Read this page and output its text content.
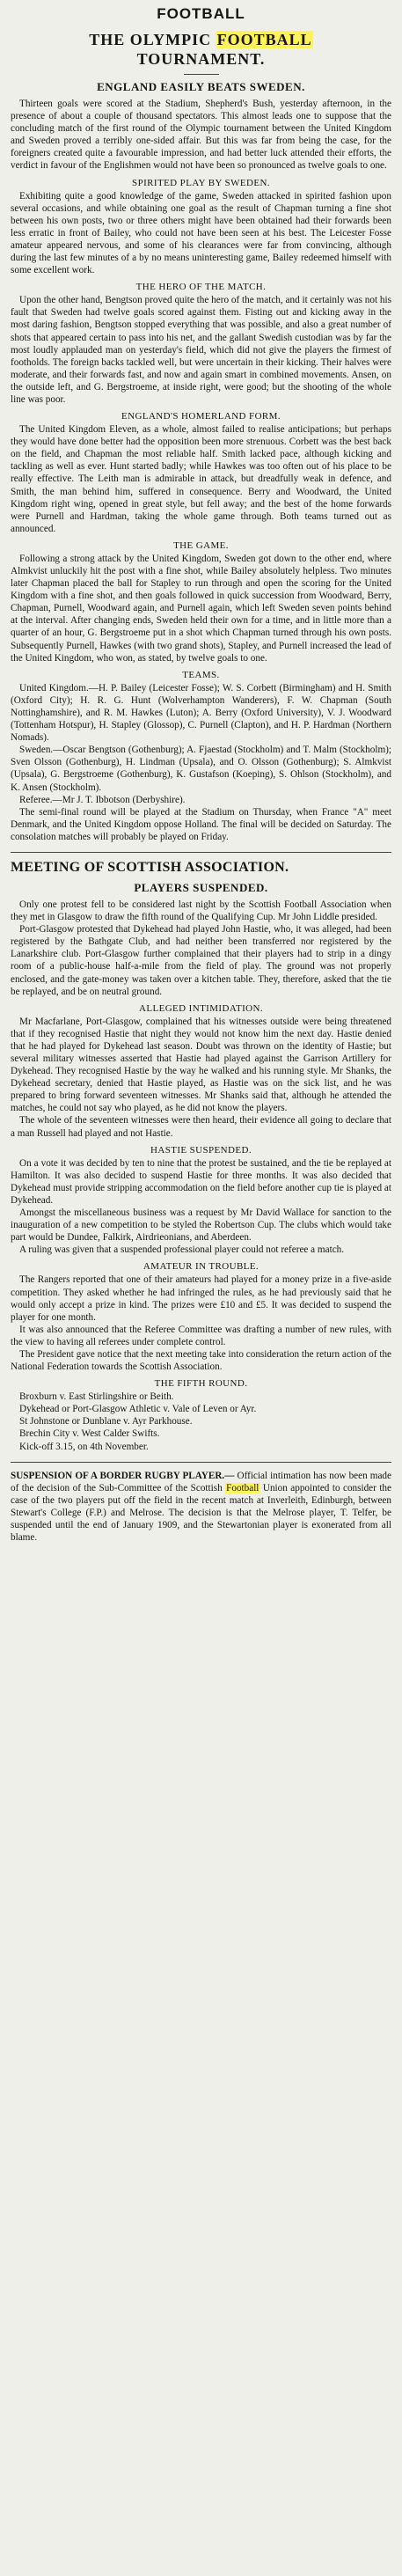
FOOTBALL
THE OLYMPIC FOOTBALL
TOURNAMENT.
ENGLAND EASILY BEATS SWEDEN.

Thirteen goals were scored at the Stadium, Shepherd's Bush, yesterday afternoon, in the presence of about a couple of thousand spectators. This almost leads one to suppose that the concluding match of the first round of the Olympic tournament between the United Kingdom and Sweden proved a terribly one-sided affair. But this was far from being the case, for the foreigners created quite a favourable impression, and had better luck attended their efforts, the verdict in favour of the Englishmen would not have been so pronounced as twelve goals to one.

SPIRITED PLAY BY SWEDEN.

Exhibiting quite a good knowledge of the game, Sweden attacked in spirited fashion upon several occasions, and while obtaining one goal as the result of Chapman turning a fine shot between his own posts, two or three others might have been obtained had their forwards been less erratic in front of Bailey, who could not have been seen at his best. The Leicester Fosse amateur appeared nervous, and some of his clearances were far from convincing, although during the last few minutes of a by no means uninteresting game, Bailey redeemed himself with some excellent work.

THE HERO OF THE MATCH.

Upon the other hand, Bengtson proved quite the hero of the match, and it certainly was not his fault that Sweden had twelve goals scored against them. Fisting out and kicking away in the most daring fashion, Bengtson stopped everything that was possible, and also a great number of shots that appeared certain to pass into his net, and the gallant Swedish custodian was by far the most loudly applauded man on yesterday's field, which did not give the players the firmest of footholds. The foreign backs tackled well, but were uncertain in their kicking. Their halves were moderate, and their forwards fast, and now and again smart in combined movements. Ansen, on the outside left, and G. Bergstroeme, at inside right, were good; but the shooting of the whole line was poor.

ENGLAND'S HOMERLAND FORM.

The United Kingdom Eleven, as a whole, almost failed to realise anticipations; but perhaps they would have done better had the opposition been more strenuous. Corbett was the best back on the field, and Chapman the most reliable half. Smith lacked pace, although kicking and tackling as well as ever. Hunt started badly; while Hawkes was too often out of his place to be really effective. The Leith man is admirable in attack, but dreadfully weak in defence, and Smith, the man behind him, suffered in consequence. Berry and Woodward, the United Kingdom right wing, opened in great style, but fell away; and the best of the home forwards were Purnell and Hardman, taking the whole game through. Both teams turned out as announced.

THE GAME.

Following a strong attack by the United Kingdom, Sweden got down to the other end, where Almkvist unluckily hit the post with a fine shot, while Bailey absolutely helpless. Two minutes later Chapman placed the ball for Stapley to run through and open the scoring for the United Kingdom with a fine shot, and then goals followed in quick succession from Woodward, Berry, Chapman, Purnell, Woodward again, and Purnell again, which left Sweden seven points behind at the interval. After changing ends, Sweden held their own for a time, and in little more than a quarter of an hour, G. Bergstroeme put in a shot which Chapman turned through his own posts. Subsequently Purnell, Hawkes (with two grand shots), Stapley, and Purnell increased the lead of the United Kingdom, who won, as stated, by twelve goals to one.

TEAMS.

United Kingdom.—H. P. Bailey (Leicester Fosse); W. S. Corbett (Birmingham) and H. Smith (Oxford City); H. R. G. Hunt (Wolverhampton Wanderers), F. W. Chapman (South Nottinghamshire), and R. M. Hawkes (Luton); A. Berry (Oxford University), V. J. Woodward (Tottenham Hotspur), H. Stapley (Glossop), C. Purnell (Clapton), and H. P. Hardman (Northern Nomads).

Sweden.—Oscar Bengtson (Gothenburg); A. Fjaestad (Stockholm) and T. Malm (Stockholm); Sven Olsson (Gothenburg), H. Lindman (Upsala), and O. Olsson (Gothenburg); S. Almkvist (Upsala), G. Bergstroeme (Gothenburg), K. Gustafson (Koeping), S. Ohlson (Stockholm), and K. Ansen (Stockholm).

Referee.—Mr J. T. Ibbotson (Derbyshire).

The semi-final round will be played at the Stadium on Thursday, when France "A" meet Denmark, and the United Kingdom oppose Holland. The final will be decided on Saturday. The consolation matches will probably be played on Friday.

MEETING OF SCOTTISH ASSOCIATION.
PLAYERS SUSPENDED.

Only one protest fell to be considered last night by the Scottish Football Association when they met in Glasgow to draw the fifth round of the Qualifying Cup. Mr John Liddle presided.

Port-Glasgow protested that Dykehead had played John Hastie, who, it was alleged, had been registered by the Bathgate Club, and had neither been transferred nor registered by the Lanarkshire club. Port-Glasgow further complained that their players had to strip in a dingy room of a public-house half-a-mile from the field of play. The ground was not properly enclosed, and the gate-money was taken over a kitchen table. They, therefore, asked that the tie be replayed, and be on neutral ground.

ALLEGED INTIMIDATION.

Mr Macfarlane, Port-Glasgow, complained that his witnesses outside were being threatened that if they recognised Hastie that night they would not know him the next day. Hastie denied that he had played for Dykehead last season. Doubt was thrown on the identity of Hastie; but several military witnesses asserted that Hastie had played against the Garrison Artillery for Dykehead. They recognised Hastie by the way he walked and his running style. Mr Shanks, the Dykehead secretary, denied that Hastie played, as Hastie was on the sick list, and he was prepared to bring forward seventeen witnesses. Mr Shanks said that, although he attended the matches, he could not say who played, as he did not know the players.

The whole of the seventeen witnesses were then heard, their evidence all going to declare that a man Russell had played and not Hastie.

HASTIE SUSPENDED.

On a vote it was decided by ten to nine that the protest be sustained, and the tie be replayed at Hamilton. It was also decided to suspend Hastie for three months. It was also decided that Dykehead must provide stripping accommodation on the field before another cup tie is played at Dykehead.

Amongst the miscellaneous business was a request by Mr David Wallace for sanction to the inauguration of a new competition to be styled the Robertson Cup. The clubs which would take part would be Dundee, Falkirk, Airdrieonians, and Aberdeen.

A ruling was given that a suspended professional player could not referee a match.

AMATEUR IN TROUBLE.

The Rangers reported that one of their amateurs had played for a money prize in a five-aside competition. They asked whether he had infringed the rules, as he had previously said that he would only accept a prize in kind. The prizes were £10 and £5. It was decided to suspend the player for one month.

It was also announced that the Referee Committee was drafting a number of new rules, with the view to having all referees under complete control.

The President gave notice that the next meeting take into consideration the return action of the National Federation towards the Scottish Association.

THE FIFTH ROUND.

Broxburn v. East Stirlingshire or Beith.

Dykehead or Port-Glasgow Athletic v. Vale of Leven or Ayr.

St Johnstone or Dunblane v. Ayr Parkhouse.

Brechin City v. West Calder Swifts.

Kick-off 3.15, on 4th November.

SUSPENSION OF A BORDER RUGBY PLAYER.— Official intimation has now been made of the decision of the Sub-Committee of the Scottish Football Union appointed to consider the case of the two players put off the field in the recent match at Inverleith, Edinburgh, between Stewart's College (F.P.) and Melrose. The decision is that the Melrose player, T. Telfer, be suspended until the end of January 1909, and the Stewartonian player is exonerated from all blame.
